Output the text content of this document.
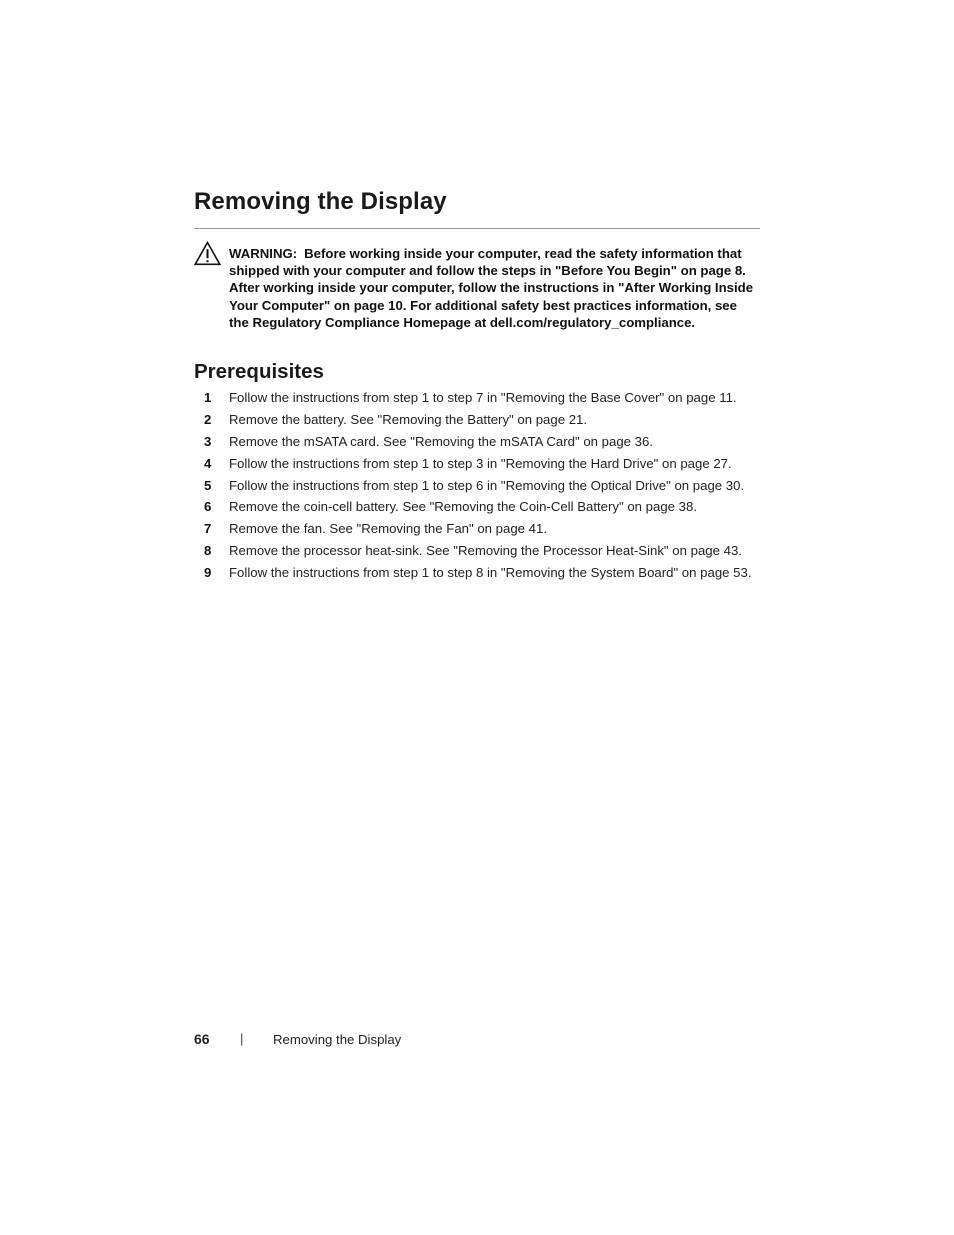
Removing the Display
WARNING: Before working inside your computer, read the safety information that shipped with your computer and follow the steps in "Before You Begin" on page 8. After working inside your computer, follow the instructions in "After Working Inside Your Computer" on page 10. For additional safety best practices information, see the Regulatory Compliance Homepage at dell.com/regulatory_compliance.
Prerequisites
1 Follow the instructions from step 1 to step 7 in "Removing the Base Cover" on page 11.
2 Remove the battery. See "Removing the Battery" on page 21.
3 Remove the mSATA card. See "Removing the mSATA Card" on page 36.
4 Follow the instructions from step 1 to step 3 in "Removing the Hard Drive" on page 27.
5 Follow the instructions from step 1 to step 6 in "Removing the Optical Drive" on page 30.
6 Remove the coin-cell battery. See "Removing the Coin-Cell Battery" on page 38.
7 Remove the fan. See "Removing the Fan" on page 41.
8 Remove the processor heat-sink. See "Removing the Processor Heat-Sink" on page 43.
9 Follow the instructions from step 1 to step 8 in "Removing the System Board" on page 53.
66 | Removing the Display
